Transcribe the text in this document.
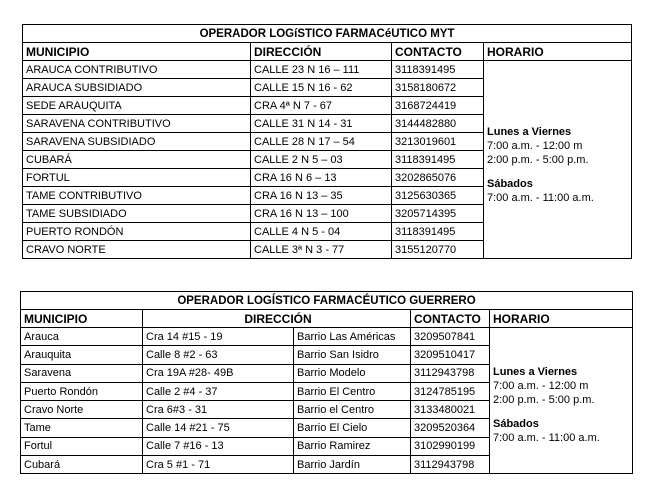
OPERADOR LOGíSTICO FARMACéUTICO MYT			
MUNICIPIO	DIRECCIÓN	CONTACTO	HORARIO
ARAUCA CONTRIBUTIVO	CALLE 23 N 16 – 111	3118391495	Lunes a Viernes
7:00 a.m. - 12:00 m
2:00 p.m. - 5:00 p.m.
Sábados
7:00 a.m. - 11:00 a.m.

ARAUCA SUBSIDIADO	CALLE 15 N 16 - 62	3158180672	
SEDE ARAUQUITA	CRA 4ª N 7 - 67	3168724419	
SARAVENA CONTRIBUTIVO	CALLE 31 N 14 - 31	3144482880	
SARAVENA SUBSIDIADO	CALLE 28 N 17 – 54	3213019601	
CUBARÁ	CALLE 2 N 5 – 03	3118391495	
FORTUL	CRA 16 N 6 – 13	3202865076	
TAME CONTRIBUTIVO	CRA 16 N 13 – 35	3125630365	
TAME SUBSIDIADO	CRA 16 N 13 – 100	3205714395	
PUERTO RONDÓN	CALLE 4 N 5 - 04	3118391495	
CRAVO NORTE	CALLE 3ª N 3 - 77	3155120770	
OPERADOR LOGÍSTICO FARMACÉUTICO GUERRERO				
MUNICIPIO	DIRECCIÓN		CONTACTO	HORARIO
Arauca	Cra 14 #15 - 19	Barrio Las Américas	3209507841	Lunes a Viernes
7:00 a.m. - 12:00 m
2:00 p.m. - 5:00 p.m.
Sábados
7:00 a.m. - 11:00 a.m.

Arauquita	Calle 8 #2 - 63	Barrio San Isidro	3209510417	
Saravena	Cra 19A #28- 49B	Barrio Modelo	3112943798	
Puerto Rondón	Calle 2 #4 - 37	Barrio El Centro	3124785195	
Cravo Norte	Cra 6#3 - 31	Barrio el Centro	3133480021	
Tame	Calle 14 #21 - 75	Barrio El Cielo	3209520364	
Fortul	Calle 7 #16 - 13	Barrio Ramirez	3102990199	
Cubará	Cra 5 #1 - 71	Barrio Jardín	3112943798	
